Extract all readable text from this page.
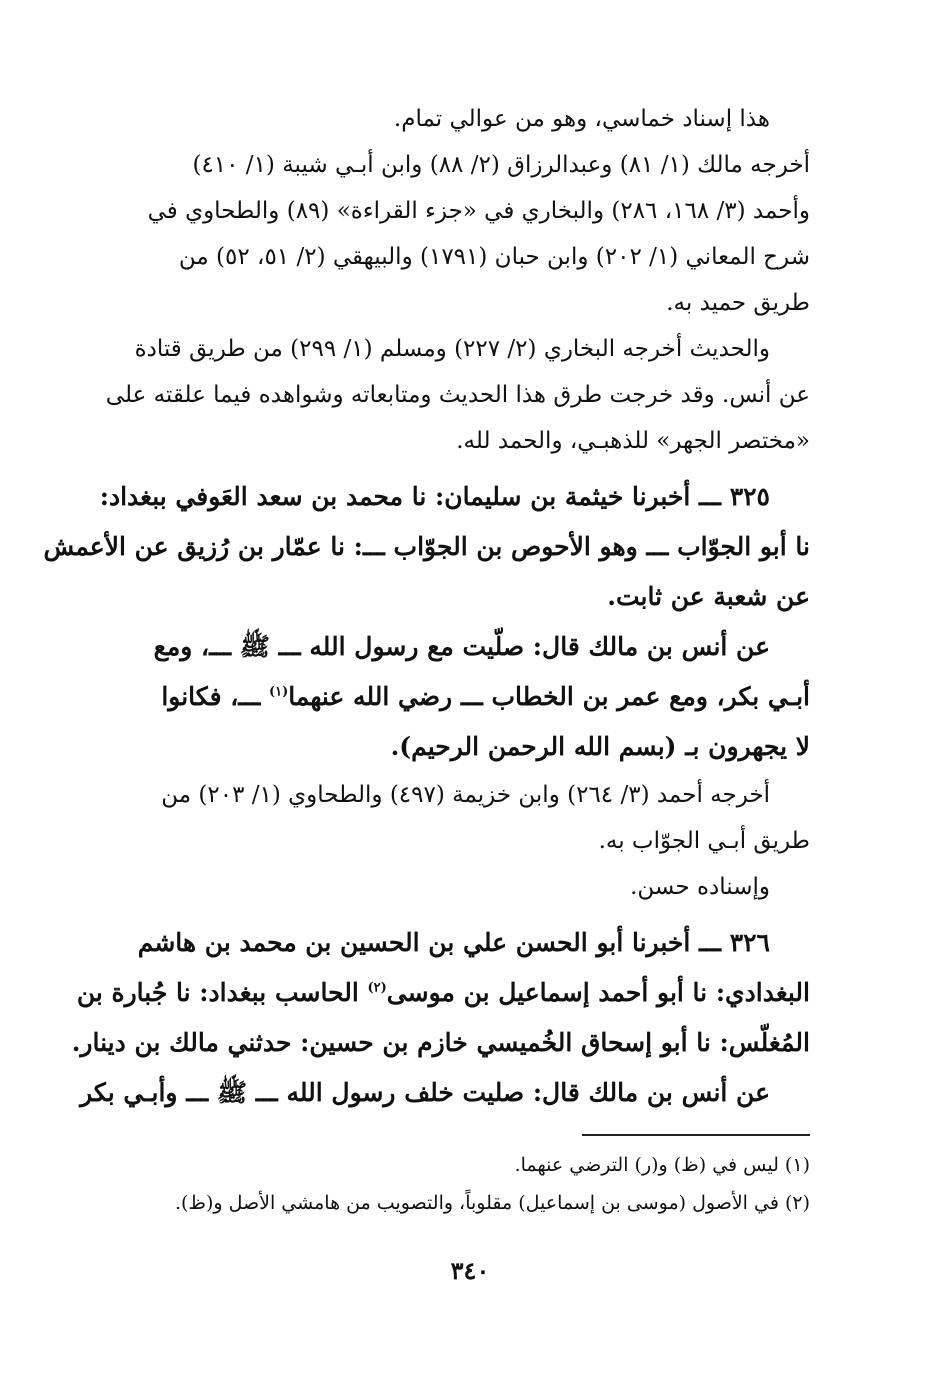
هذا إسناد خماسي، وهو من عوالي تمام.
أخرجه مالك (١/ ٨١) وعبدالرزاق (٢/ ٨٨) وابن أبـي شيبة (١/ ٤١٠)
وأحمد (٣/ ١٦٨، ٢٨٦) والبخاري في «جزء القراءة» (٨٩) والطحاوي في
شرح المعاني (١/ ٢٠٢) وابن حبان (١٧٩١) والبيهقي (٢/ ٥١، ٥٢) من
طريق حميد به.
والحديث أخرجه البخاري (٢/ ٢٢٧) ومسلم (١/ ٢٩٩) من طريق قتادة
عن أنس. وقد خرجت طرق هذا الحديث ومتابعاته وشواهده فيما علقته على
«مختصر الجهر» للذهبـي، والحمد لله.
٣٢٥ ـــ أخبرنا خيثمة بن سليمان: نا محمد بن سعد العَوفي ببغداد:
نا أبو الجوّاب ـــ وهو الأحوص بن الجوّاب ـــ: نا عمّار بن رُزيق عن الأعمش
عن شعبة عن ثابت.
عن أنس بن مالك قال: صلّيت مع رسول الله ـــ ﷺ ـــ، ومع
أبـي بكر، ومع عمر بن الخطاب ـــ رضي الله عنهما$^{(١)}$ ـــ، فكانوا
لا يجهرون بـ (بسم الله الرحمن الرحيم).
أخرجه أحمد (٣/ ٢٦٤) وابن خزيمة (٤٩٧) والطحاوي (١/ ٢٠٣) من
طريق أبـي الجوّاب به.
وإسناده حسن.
٣٢٦ ـــ أخبرنا أبو الحسن علي بن الحسين بن محمد بن هاشم
البغدادي: نا أبو أحمد إسماعيل بن موسى$^{(٢)}$ الحاسب ببغداد: نا جُبارة بن
المُغلّس: نا أبو إسحاق الخُميسي خازم بن حسين: حدثني مالك بن دينار.
عن أنس بن مالك قال: صليت خلف رسول الله ـــ ﷺ ـــ وأبـي بكر
(١) ليس في (ظ) و(ر) الترضي عنهما.
(٢) في الأصول (موسى بن إسماعيل) مقلوباً، والتصويب من هامشي الأصل و(ظ).
٣٤٠
